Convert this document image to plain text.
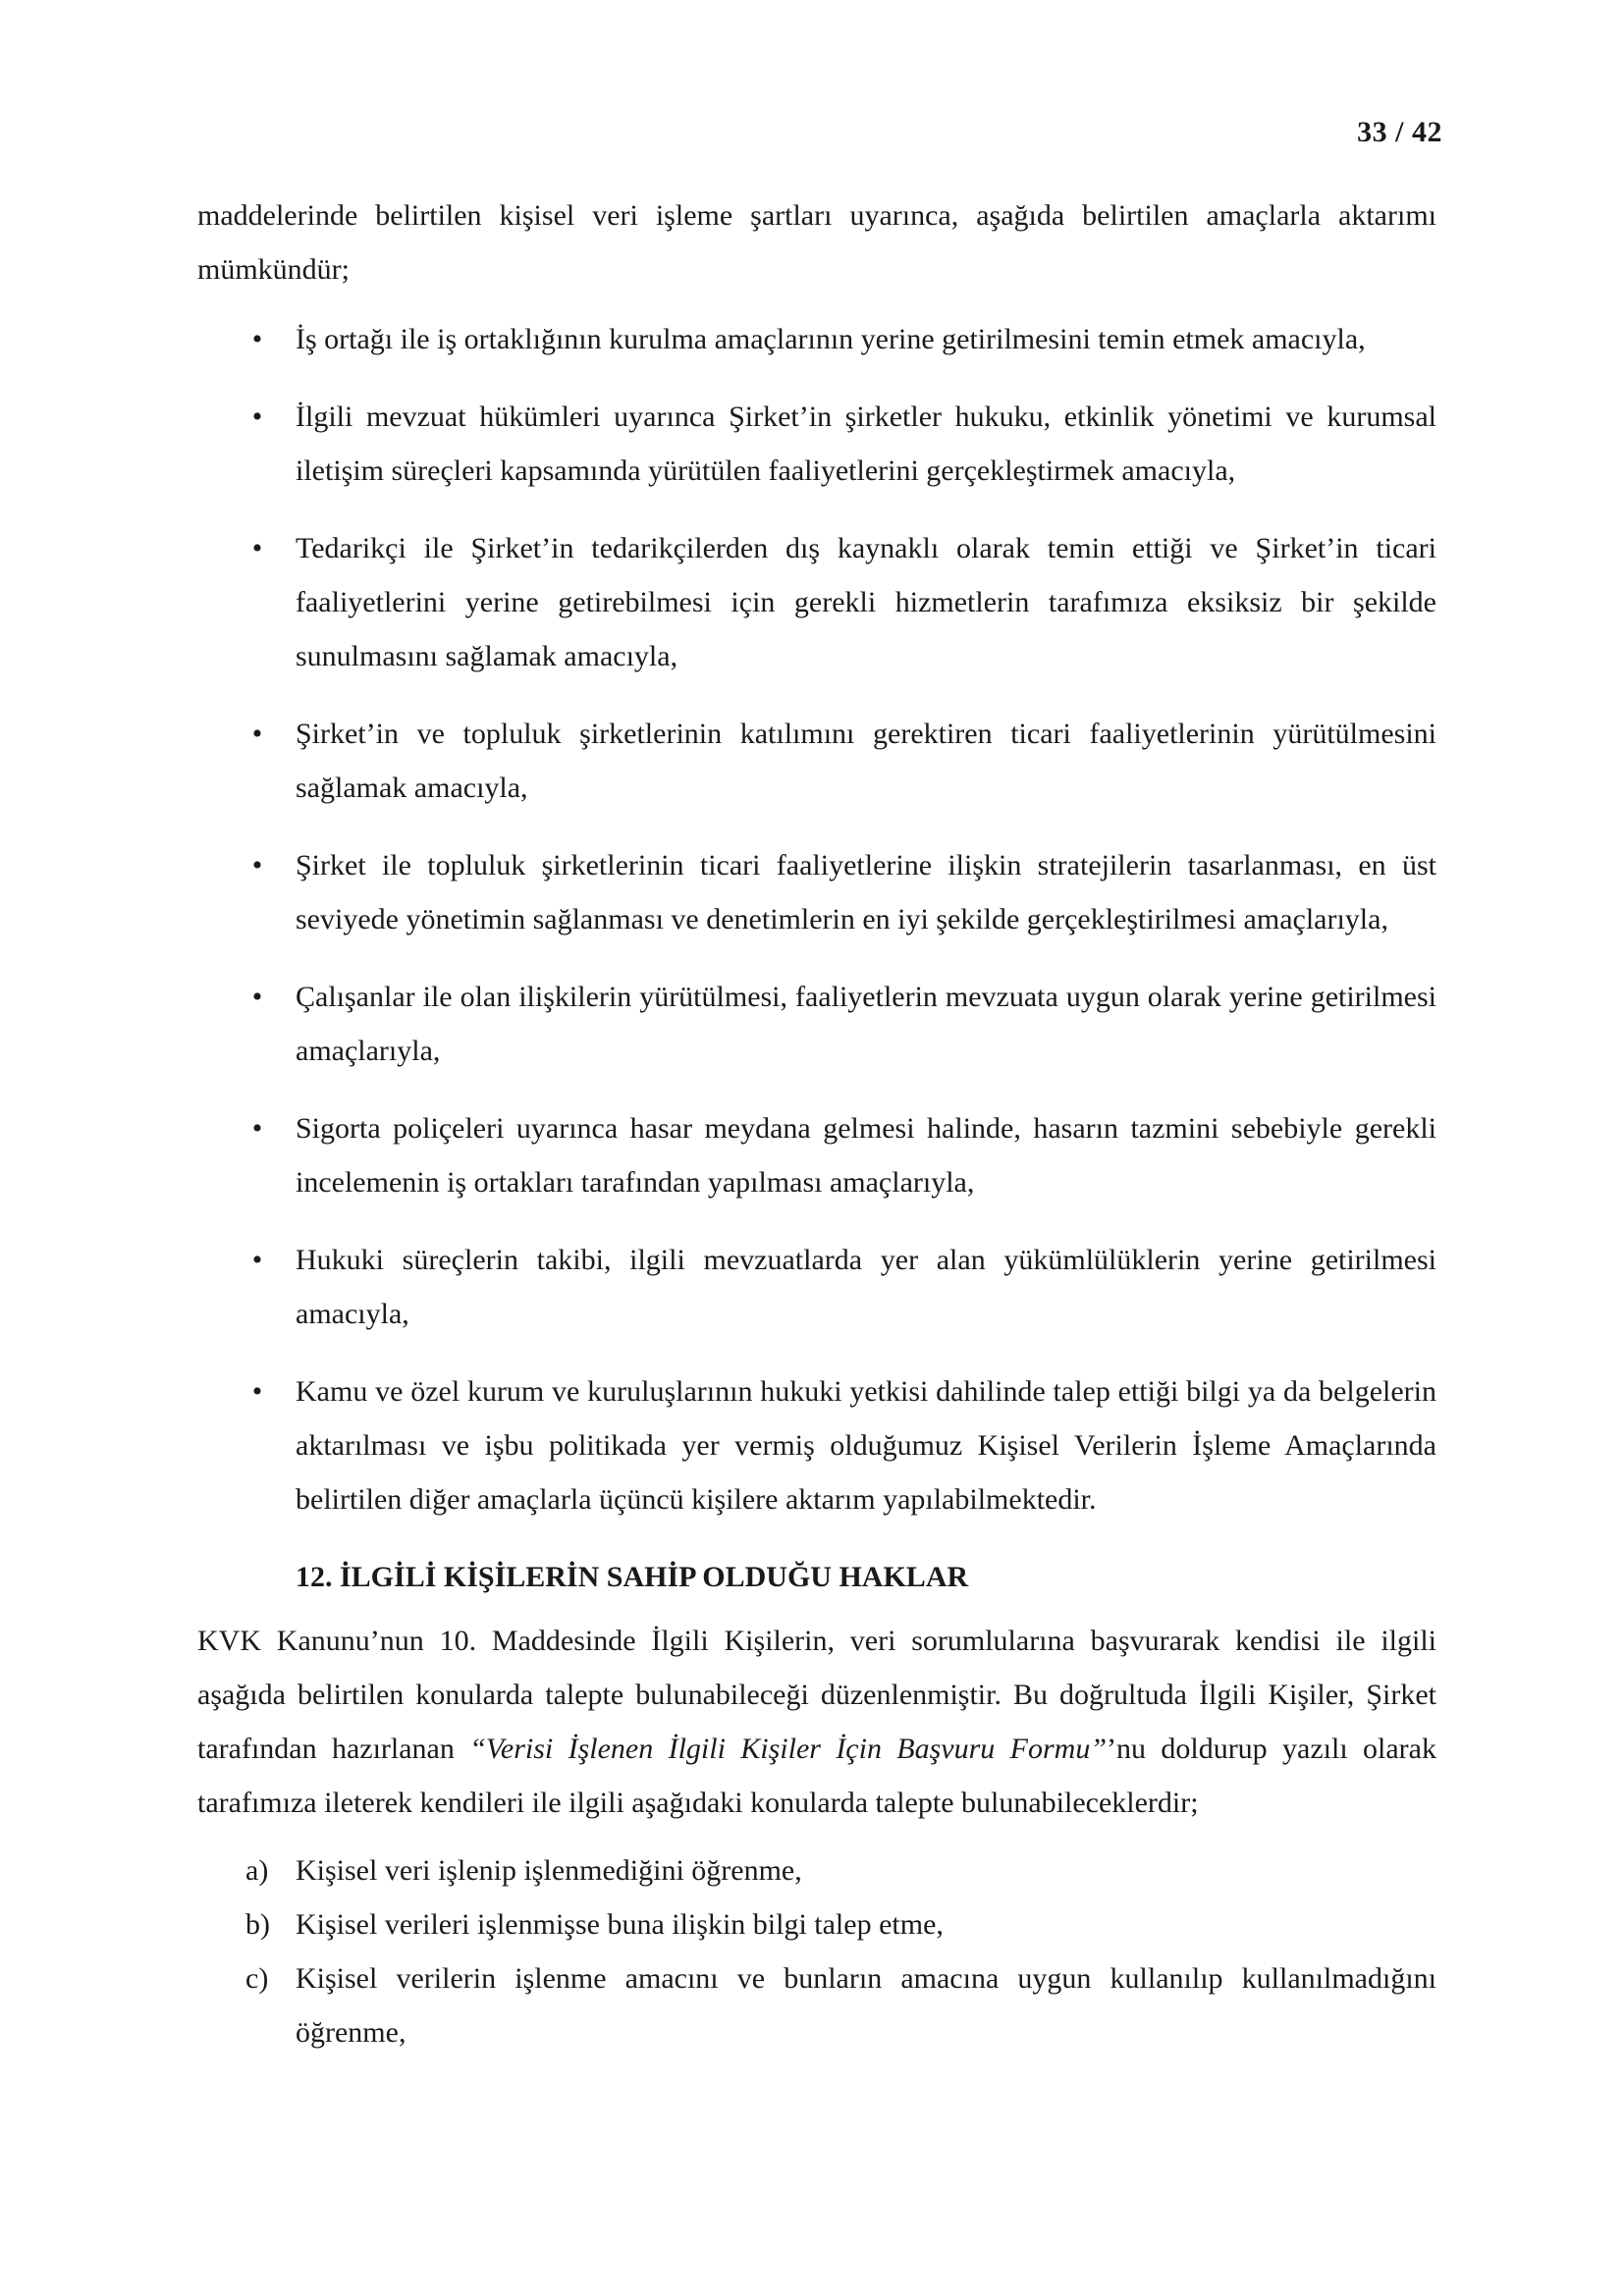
33 / 42

maddelerinde belirtilen kişisel veri işleme şartları uyarınca, aşağıda belirtilen amaçlarla aktarımı mümkündür;

• İş ortağı ile iş ortaklığının kurulma amaçlarının yerine getirilmesini temin etmek amacıyla,
• İlgili mevzuat hükümleri uyarınca Şirket’in şirketler hukuku, etkinlik yönetimi ve kurumsal iletişim süreçleri kapsamında yürütülen faaliyetlerini gerçekleştirmek amacıyla,
• Tedarikçi ile Şirket’in tedarikçilerden dış kaynaklı olarak temin ettiği ve Şirket’in ticari faaliyetlerini yerine getirebilmesi için gerekli hizmetlerin tarafımıza eksiksiz bir şekilde sunulmasını sağlamak amacıyla,
• Şirket’in ve topluluk şirketlerinin katılımını gerektiren ticari faaliyetlerinin yürütülmesini sağlamak amacıyla,
• Şirket ile topluluk şirketlerinin ticari faaliyetlerine ilişkin stratejilerin tasarlanması, en üst seviyede yönetimin sağlanması ve denetimlerin en iyi şekilde gerçekleştirilmesi amaçlarıyla,
• Çalışanlar ile olan ilişkilerin yürütülmesi, faaliyetlerin mevzuata uygun olarak yerine getirilmesi amaçlarıyla,
• Sigorta poliçeleri uyarınca hasar meydana gelmesi halinde, hasarın tazmini sebebiyle gerekli incelemenin iş ortakları tarafından yapılması amaçlarıyla,
• Hukuki süreçlerin takibi, ilgili mevzuatlarda yer alan yükümlülüklerin yerine getirilmesi amacıyla,
• Kamu ve özel kurum ve kuruluşlarının hukuki yetkisi dahilinde talep ettiği bilgi ya da belgelerin aktarılması ve işbu politikada yer vermiş olduğumuz Kişisel Verilerin İşleme Amaçlarında belirtilen diğer amaçlarla üçüncü kişilere aktarım yapılabilmektedir.
12. İLGİLİ KİŞİLERİN SAHİP OLDUĞU HAKLAR

KVK Kanunu’nun 10. Maddesinde İlgili Kişilerin, veri sorumlularına başvurarak kendisi ile ilgili aşağıda belirtilen konularda talepte bulunabileceği düzenlenmiştir. Bu doğrultuda İlgili Kişiler, Şirket tarafından hazırlanan “Verisi İşlenen İlgili Kişiler İçin Başvuru Formu”’nu doldurup yazılı olarak tarafımıza ileterek kendileri ile ilgili aşağıdaki konularda talepte bulunabileceklerdir;

a) Kişisel veri işlenip işlenmediğini öğrenme,
b) Kişisel verileri işlenmişse buna ilişkin bilgi talep etme,
c) Kişisel verilerin işlenme amacını ve bunların amacına uygun kullanılıp kullanılmadığını öğrenme,
